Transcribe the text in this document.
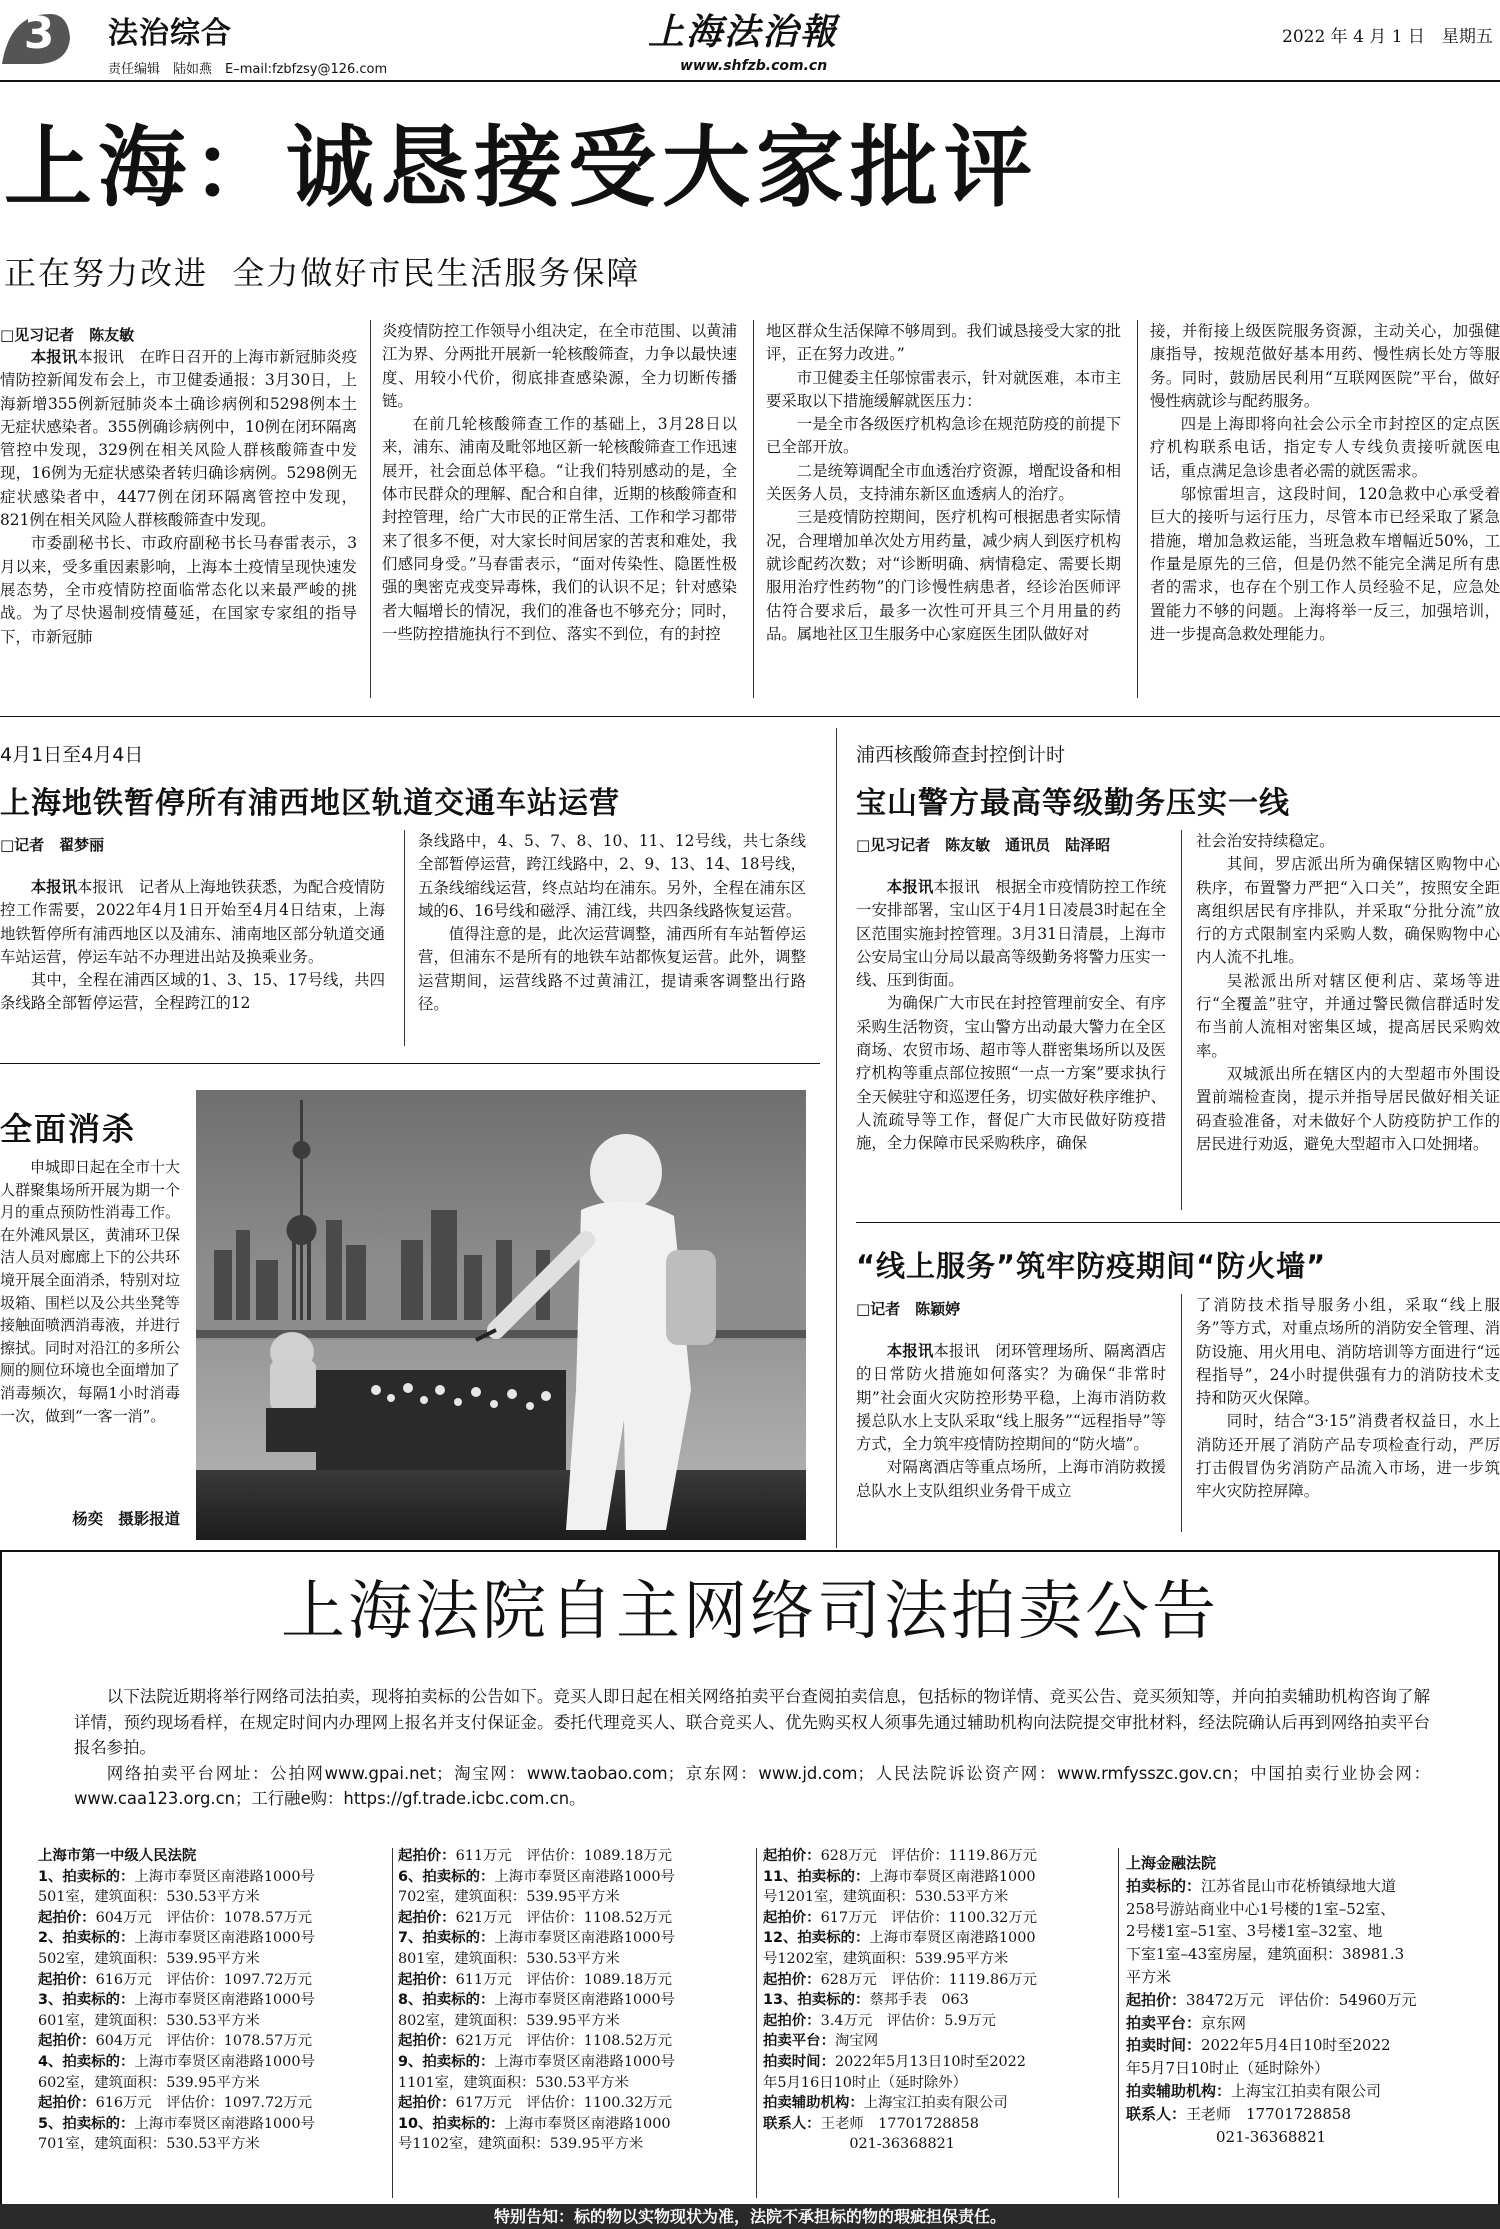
3 法治综合
责任编辑　陆如燕　E–mail:fzbfzsy@126.com
上海法治報
www.shfzb.com.cn
2022 年 4 月 1 日　星期五
上海：诚恳接受大家批评
正在努力改进  全力做好市民生活服务保障
□见习记者　陈友敏

本报讯本报讯　在昨日召开的上海市新冠肺炎疫情防控新闻发布会上，市卫健委通报：3月30日，上海新增355例新冠肺炎本土确诊病例和5298例本土无症状感染者。355例确诊病例中，10例在闭环隔离管控中发现，329例在相关风险人群核酸筛查中发现，16例为无症状感染者转归确诊病例。5298例无症状感染者中，4477例在闭环隔离管控中发现，821例在相关风险人群核酸筛查中发现。

市委副秘书长、市政府副秘书长马春雷表示，3月以来，受多重因素影响，上海本土疫情呈现快速发展态势，全市疫情防控面临常态化以来最严峻的挑战。为了尽快遏制疫情蔓延，在国家专家组的指导下，市新冠肺

炎疫情防控工作领导小组决定，在全市范围、以黄浦江为界、分两批开展新一轮核酸筛查，力争以最快速度、用较小代价，彻底排查感染源，全力切断传播链。

在前几轮核酸筛查工作的基础上，3月28日以来，浦东、浦南及毗邻地区新一轮核酸筛查工作迅速展开，社会面总体平稳。“让我们特别感动的是，全体市民群众的理解、配合和自律，近期的核酸筛查和封控管理，给广大市民的正常生活、工作和学习都带来了很多不便，对大家长时间居家的苦衷和难处，我们感同身受。”马春雷表示，“面对传染性、隐匿性极强的奥密克戎变异毒株，我们的认识不足；针对感染者大幅增长的情况，我们的准备也不够充分；同时，一些防控措施执行不到位、落实不到位，有的封控

地区群众生活保障不够周到。我们诚恳接受大家的批评，正在努力改进。”

市卫健委主任邬惊雷表示，针对就医难，本市主要采取以下措施缓解就医压力：

一是全市各级医疗机构急诊在规范防疫的前提下已全部开放。

二是统筹调配全市血透治疗资源，增配设备和相关医务人员，支持浦东新区血透病人的治疗。

三是疫情防控期间，医疗机构可根据患者实际情况，合理增加单次处方用药量，减少病人到医疗机构就诊配药次数；对“诊断明确、病情稳定、需要长期服用治疗性药物”的门诊慢性病患者，经诊治医师评估符合要求后，最多一次性可开具三个月用量的药品。属地社区卫生服务中心家庭医生团队做好对

接，并衔接上级医院服务资源，主动关心，加强健康指导，按规范做好基本用药、慢性病长处方等服务。同时，鼓励居民利用“互联网医院”平台，做好慢性病就诊与配药服务。

四是上海即将向社会公示全市封控区的定点医疗机构联系电话，指定专人专线负责接听就医电话，重点满足急诊患者必需的就医需求。

邬惊雷坦言，这段时间，120急救中心承受着巨大的接听与运行压力，尽管本市已经采取了紧急措施，增加急救运能，当班急救车增幅近50%，工作量是原先的三倍，但是仍然不能完全满足所有患者的需求，也存在个别工作人员经验不足，应急处置能力不够的问题。上海将举一反三，加强培训，进一步提高急救处理能力。

4月1日至4月4日
上海地铁暂停所有浦西地区轨道交通车站运营
□记者　翟梦丽

本报讯本报讯　记者从上海地铁获悉，为配合疫情防控工作需要，2022年4月1日开始至4月4日结束，上海地铁暂停所有浦西地区以及浦东、浦南地区部分轨道交通车站运营，停运车站不办理进出站及换乘业务。

其中，全程在浦西区域的1、3、15、17号线，共四条线路全部暂停运营，全程跨江的12

条线路中，4、5、7、8、10、11、12号线，共七条线全部暂停运营，跨江线路中，2、9、13、14、18号线，五条线缩线运营，终点站均在浦东。另外，全程在浦东区域的6、16号线和磁浮、浦江线，共四条线路恢复运营。

值得注意的是，此次运营调整，浦西所有车站暂停运营，但浦东不是所有的地铁车站都恢复运营。此外，调整运营期间，运营线路不过黄浦江，提请乘客调整出行路径。

全面消杀

申城即日起在全市十大人群聚集场所开展为期一个月的重点预防性消毒工作。在外滩风景区，黄浦环卫保洁人员对廊廊上下的公共环境开展全面消杀，特别对垃圾箱、围栏以及公共坐凳等接触面喷洒消毒液，并进行擦拭。同时对沿江的多所公厕的厕位环境也全面增加了消毒频次，每隔1小时消毒一次，做到“一客一消”。

杨奕　摄影报道
浦西核酸筛查封控倒计时
宝山警方最高等级勤务压实一线
□见习记者　陈友敏　通讯员　陆泽昭

本报讯本报讯　根据全市疫情防控工作统一安排部署，宝山区于4月1日凌晨3时起在全区范围实施封控管理。3月31日清晨，上海市公安局宝山分局以最高等级勤务将警力压实一线、压到街面。

为确保广大市民在封控管理前安全、有序采购生活物资，宝山警方出动最大警力在全区商场、农贸市场、超市等人群密集场所以及医疗机构等重点部位按照“一点一方案”要求执行全天候驻守和巡逻任务，切实做好秩序维护、人流疏导等工作，督促广大市民做好防疫措施，全力保障市民采购秩序，确保

社会治安持续稳定。

其间，罗店派出所为确保辖区购物中心秩序，布置警力严把“入口关”，按照安全距离组织居民有序排队，并采取“分批分流”放行的方式限制室内采购人数，确保购物中心内人流不扎堆。

吴淞派出所对辖区便利店、菜场等进行“全覆盖”驻守，并通过警民微信群适时发布当前人流相对密集区域，提高居民采购效率。

双城派出所在辖区内的大型超市外围设置前端检查岗，提示并指导居民做好相关证码查验准备，对未做好个人防疫防护工作的居民进行劝返，避免大型超市入口处拥堵。

“线上服务”筑牢防疫期间“防火墙”
□记者　陈颖婷

本报讯本报讯　闭环管理场所、隔离酒店的日常防火措施如何落实？为确保“非常时期”社会面火灾防控形势平稳，上海市消防救援总队水上支队采取“线上服务”“远程指导”等方式，全力筑牢疫情防控期间的“防火墙”。

对隔离酒店等重点场所，上海市消防救援总队水上支队组织业务骨干成立

了消防技术指导服务小组，采取“线上服务”等方式，对重点场所的消防安全管理、消防设施、用火用电、消防培训等方面进行“远程指导”，24小时提供强有力的消防技术支持和防灭火保障。

同时，结合“3·15”消费者权益日，水上消防还开展了消防产品专项检查行动，严厉打击假冒伪劣消防产品流入市场，进一步筑牢火灾防控屏障。

上海法院自主网络司法拍卖公告
以下法院近期将举行网络司法拍卖，现将拍卖标的公告如下。竞买人即日起在相关网络拍卖平台查阅拍卖信息，包括标的物详情、竞买公告、竞买须知等，并向拍卖辅助机构咨询了解详情，预约现场看样，在规定时间内办理网上报名并支付保证金。委托代理竞买人、联合竞买人、优先购买权人须事先通过辅助机构向法院提交审批材料，经法院确认后再到网络拍卖平台报名参拍。
网络拍卖平台网址：公拍网www.gpai.net；淘宝网：www.taobao.com；京东网：www.jd.com；人民法院诉讼资产网：www.rmfysszc.gov.cn；中国拍卖行业协会网：www.caa123.org.cn；工行融e购：https://gf.trade.icbc.com.cn。
上海市第一中级人民法院
1、拍卖标的：上海市奉贤区南港路1000号
501室，建筑面积：530.53平方米
起拍价：604万元　评估价：1078.57万元
2、拍卖标的：上海市奉贤区南港路1000号
502室，建筑面积：539.95平方米
起拍价：616万元　评估价：1097.72万元
3、拍卖标的：上海市奉贤区南港路1000号
601室，建筑面积：530.53平方米
起拍价：604万元　评估价：1078.57万元
4、拍卖标的：上海市奉贤区南港路1000号
602室，建筑面积：539.95平方米
起拍价：616万元　评估价：1097.72万元
5、拍卖标的：上海市奉贤区南港路1000号
701室，建筑面积：530.53平方米
起拍价：611万元　评估价：1089.18万元
6、拍卖标的：上海市奉贤区南港路1000号
702室，建筑面积：539.95平方米
起拍价：621万元　评估价：1108.52万元
7、拍卖标的：上海市奉贤区南港路1000号
801室，建筑面积：530.53平方米
起拍价：611万元　评估价：1089.18万元
8、拍卖标的：上海市奉贤区南港路1000号
802室，建筑面积：539.95平方米
起拍价：621万元　评估价：1108.52万元
9、拍卖标的：上海市奉贤区南港路1000号
1101室，建筑面积：530.53平方米
起拍价：617万元　评估价：1100.32万元
10、拍卖标的：上海市奉贤区南港路1000
号1102室，建筑面积：539.95平方米
起拍价：628万元　评估价：1119.86万元
11、拍卖标的：上海市奉贤区南港路1000
号1201室，建筑面积：530.53平方米
起拍价：617万元　评估价：1100.32万元
12、拍卖标的：上海市奉贤区南港路1000
号1202室，建筑面积：539.95平方米
起拍价：628万元　评估价：1119.86万元
13、拍卖标的：蔡邦手表　063
起拍价：3.4万元　评估价：5.9万元
拍卖平台：淘宝网
拍卖时间：2022年5月13日10时至2022
年5月16日10时止（延时除外）
拍卖辅助机构：上海宝江拍卖有限公司
联系人：王老师　17701728858
　　　　　　021-36368821
上海金融法院
拍卖标的：江苏省昆山市花桥镇绿地大道
258号游站商业中心1号楼的1室–52室、
2号楼1室–51室、3号楼1室–32室、地
下室1室–43室房屋，建筑面积：38981.3
平方米
起拍价：38472万元　评估价：54960万元
拍卖平台：京东网
拍卖时间：2022年5月4日10时至2022
年5月7日10时止（延时除外）
拍卖辅助机构：上海宝江拍卖有限公司
联系人：王老师　17701728858
　　　　　　021-36368821
特别告知：标的物以实物现状为准，法院不承担标的物的瑕疵担保责任。
